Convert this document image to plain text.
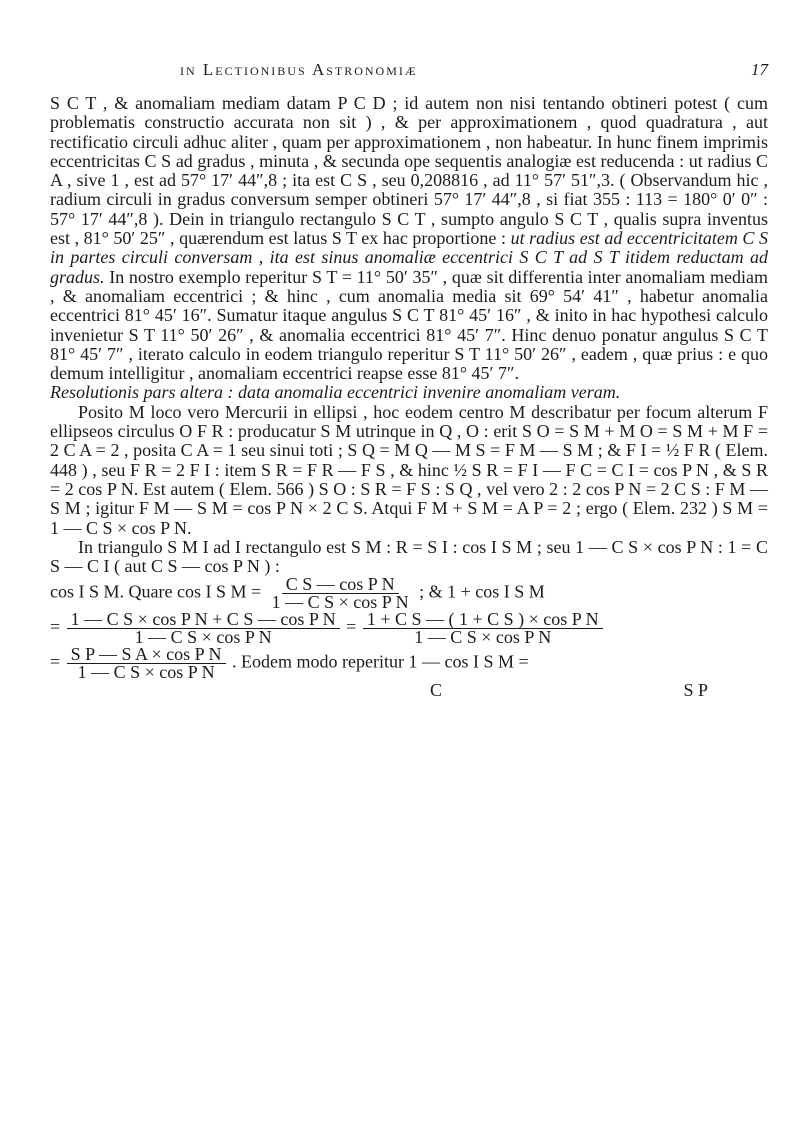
in Lectionibus Astronomiæ	17

S C T , & anomaliam mediam datam P C D ; id autem non nisi tentando obtineri potest ( cum problematis constructio accurata non sit ) , & per approximationem , quod quadratura , aut rectificatio circuli adhuc aliter , quam per approximationem , non habeatur. In hunc finem imprimis eccentricitas C S ad gradus , minuta , & secunda ope sequentis analogiæ est reducenda : ut radius C A , sive 1 , est ad 57° 17′ 44″,8 ; ita est C S , seu 0,208816 , ad 11° 57′ 51″,3. ( Observandum hic , radium circuli in gradus conversum semper obtineri 57° 17′ 44″,8 , si fiat 355 : 113 = 180° 0′ 0″ : 57° 17′ 44″,8 ). Dein in triangulo rectangulo S C T , sumpto angulo S C T , qualis supra inventus est , 81° 50′ 25″ , quærendum est latus S T ex hac proportione : ut radius est ad eccentricitatem C S in partes circuli conversam , ita est sinus anomaliæ eccentrici S C T ad S T itidem reductam ad gradus. In nostro exemplo reperitur S T = 11° 50′ 35″ , quæ sit differentia inter anomaliam mediam , & anomaliam eccentrici ; & hinc , cum anomalia media sit 69° 54′ 41″ , habetur anomalia eccentrici 81° 45′ 16″. Sumatur itaque angulus S C T 81° 45′ 16″ , & inito in hac hypothesi calculo invenietur S T 11° 50′ 26″ , & anomalia eccentrici 81° 45′ 7″. Hinc denuo ponatur angulus S C T 81° 45′ 7″ , iterato calculo in eodem triangulo reperitur S T 11° 50′ 26″ , eadem , quæ prius : e quo demum intelligitur , anomaliam eccentrici reapse esse 81° 45′ 7″.

Resolutionis pars altera : data anomalia eccentrici invenire anomaliam veram.

Posito M loco vero Mercurii in ellipsi , hoc eodem centro M describatur per focum alterum F ellipseos circulus O F R : producatur S M utrinque in Q , O : erit S O = S M + M O = S M + M F = 2 C A = 2 , posita C A = 1 seu sinui toti ; S Q = M Q — M S = F M — S M ; & F I = ½ F R ( Elem. 448 ) , seu F R = 2 F I : item S R = F R — F S , & hinc ½ S R = F I — F C = C I = cos P N , & S R = 2 cos P N. Est autem ( Elem. 566 ) S O : S R = F S : S Q , vel vero 2 : 2 cos P N = 2 C S : F M — S M ; igitur F M — S M = cos P N × 2 C S. Atqui F M + S M = A P = 2 ; ergo ( Elem. 232 ) S M = 1 — C S × cos P N.

In triangulo S M I ad I rectangulo est S M : R = S I : cos I S M ; seu 1 — C S × cos P N : 1 = C S — C I ( aut C S — cos P N ) :

cos I S M. Quare cos I S $M = \frac{\text{C S — cos P N}}{\text{1 — C S × cos P N}}$ ; & 1 + cos I S M

= $\frac{\text{1 — C S × cos P N + C S — cos P N}}{\text{1 — C S × cos P N}} = \frac{\text{1 + C S — ( 1 + C S ) × cos P N}}{\text{1 — C S × cos P N}}$

= $\frac{\text{S P — S A × cos P N}}{\text{1 — C S × cos P N}}$ . Eodem modo reperitur 1 — cos I S M =

C	S P
